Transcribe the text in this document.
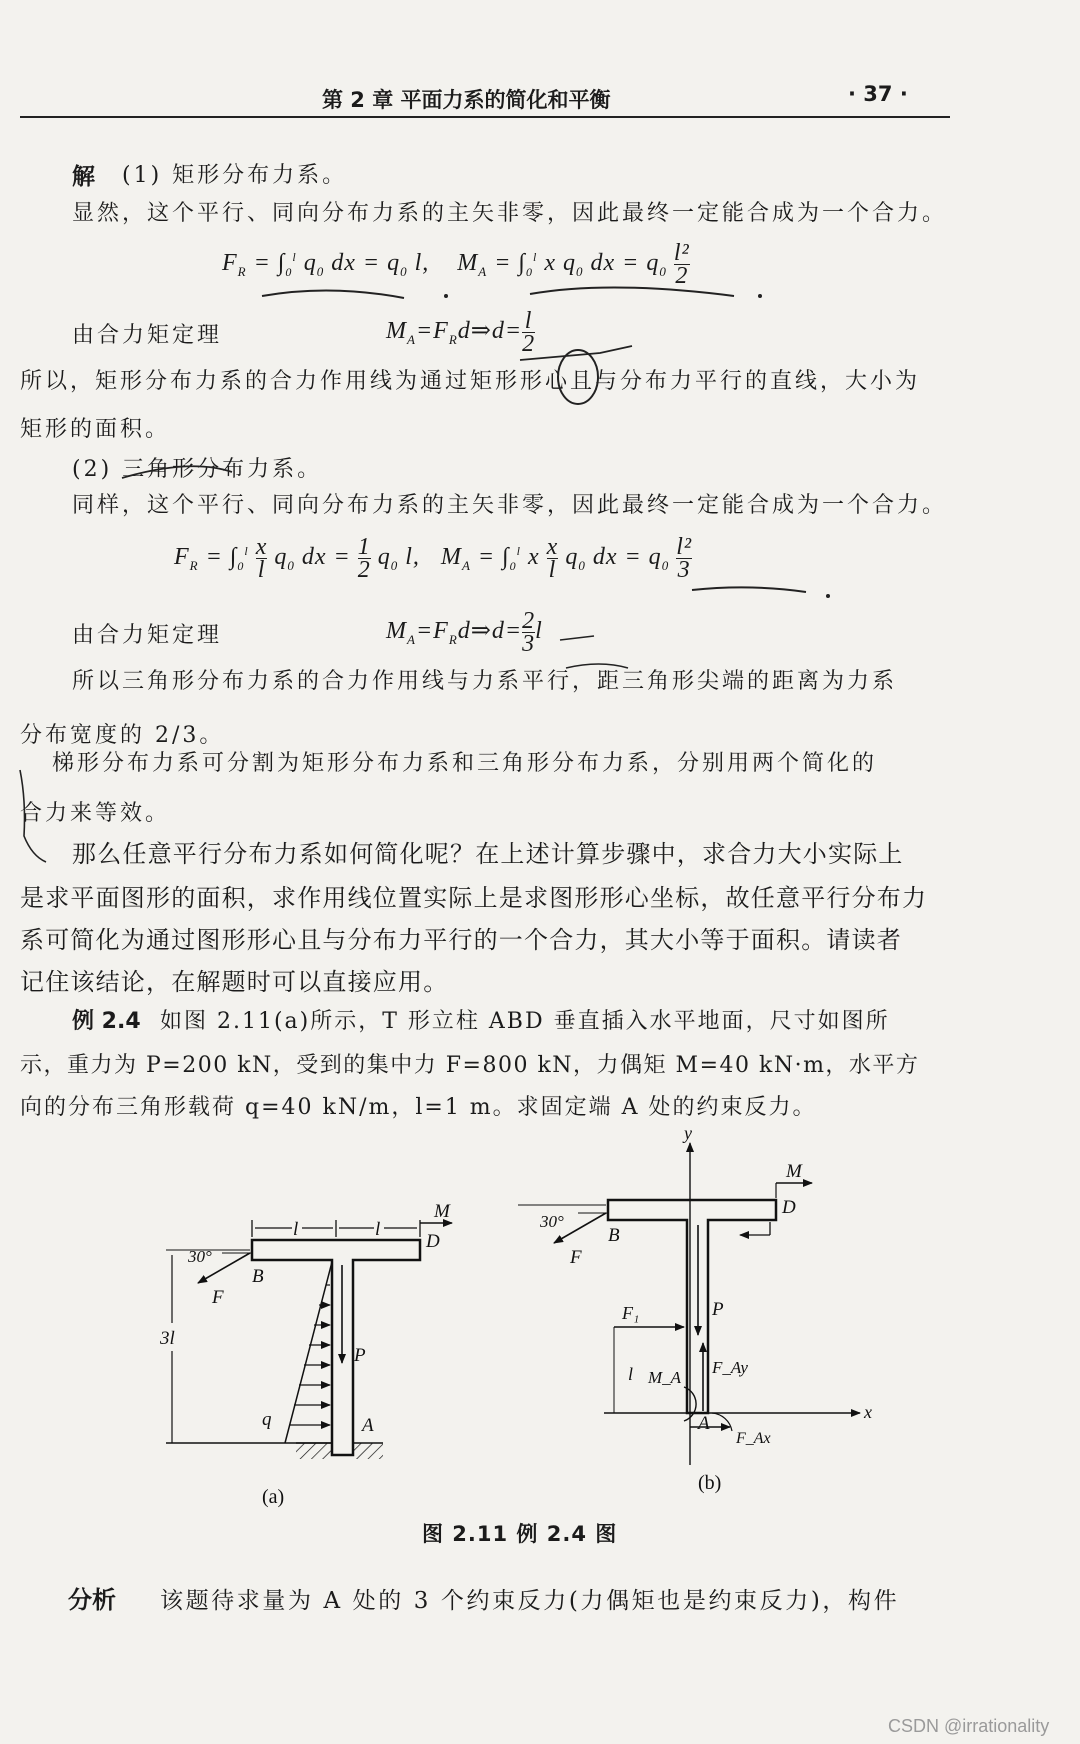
第 2 章 平面力系的简化和平衡	· 37 ·
解 (1) 矩形分布力系。
显然，这个平行、同向分布力系的主矢非零，因此最终一定能合成为一个合力。
$F_R = \int_0^l$ $q_0$ dx = $q_0$ l,    $M_A = \int_0^l$ x $q_0$ dx = $q_0 \frac{\text{l²}}{2}$
由合力矩定理	$M_A=F_Rd\Rightarrow d= \frac{l}{2}$
所以，矩形分布力系的合力作用线为通过矩形形心且与分布力平行的直线，大小为
矩形的面积。
(2) 三角形分布力系。
同样，这个平行、同向分布力系的主矢非零，因此最终一定能合成为一个合力。
$F_R = \int_0^l \frac{x}{l} q_0$ dx = $\frac{1}{2} q_0$ l,   $M_A = \int_0^l$ x $\frac{x}{l} q_0$ dx = $q_0 \frac{\text{l²}}{3}$
由合力矩定理	$M_A=F_Rd\Rightarrow d= \frac{2}{3}$ l
所以三角形分布力系的合力作用线与力系平行，距三角形尖端的距离为力系
分布宽度的 2/3。
梯形分布力系可分割为矩形分布力系和三角形分布力系，分别用两个简化的
合力来等效。
那么任意平行分布力系如何简化呢？在上述计算步骤中，求合力大小实际上
是求平面图形的面积，求作用线位置实际上是求图形形心坐标，故任意平行分布力
系可简化为通过图形形心且与分布力平行的一个合力，其大小等于面积。请读者
记住该结论，在解题时可以直接应用。
例 2.4 如图 2.11(a)所示，T 形立柱 ABD 垂直插入水平地面，尺寸如图所
示，重力为 P=200 kN，受到的集中力 F=800 kN，力偶矩 M=40 kN·m，水平方
向的分布三角形载荷 q=40 kN/m，l=1 m。求固定端 A 处的约束反力。
l	l
M
D
30°
B
F
3l
P
q	A
(a)
y
x
M
D
30°
B
F
P
F₁
l	F_Ay
M_A
F_Ax
A
(b)
图 2.11 例 2.4 图
分析 该题待求量为 A 处的 3 个约束反力(力偶矩也是约束反力)，构件
CSDN @irrationality
